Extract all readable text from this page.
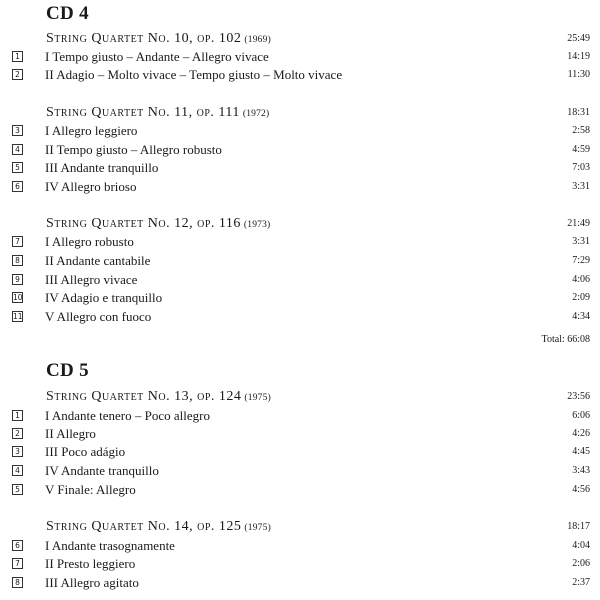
CD 4
String Quartet No. 10, op. 102 (1969)	25:49
1 I Tempo giusto – Andante – Allegro vivace	14:19
2 II Adagio – Molto vivace – Tempo giusto – Molto vivace	11:30
String Quartet No. 11, op. 111 (1972)	18:31
3 I Allegro leggiero	2:58
4 II Tempo giusto – Allegro robusto	4:59
5 III Andante tranquillo	7:03
6 IV Allegro brioso	3:31
String Quartet No. 12, op. 116 (1973)	21:49
7 I Allegro robusto	3:31
8 II Andante cantabile	7:29
9 III Allegro vivace	4:06
10 IV Adagio e tranquillo	2:09
11 V Allegro con fuoco	4:34
Total: 66:08
CD 5
String Quartet No. 13, op. 124 (1975)	23:56
1 I Andante tenero – Poco allegro	6:06
2 II Allegro	4:26
3 III Poco adágio	4:45
4 IV Andante tranquillo	3:43
5 V Finale: Allegro	4:56
String Quartet No. 14, op. 125 (1975)	18:17
6 I Andante trasognamente	4:04
7 II Presto leggiero	2:06
8 III Allegro agitato	2:37
